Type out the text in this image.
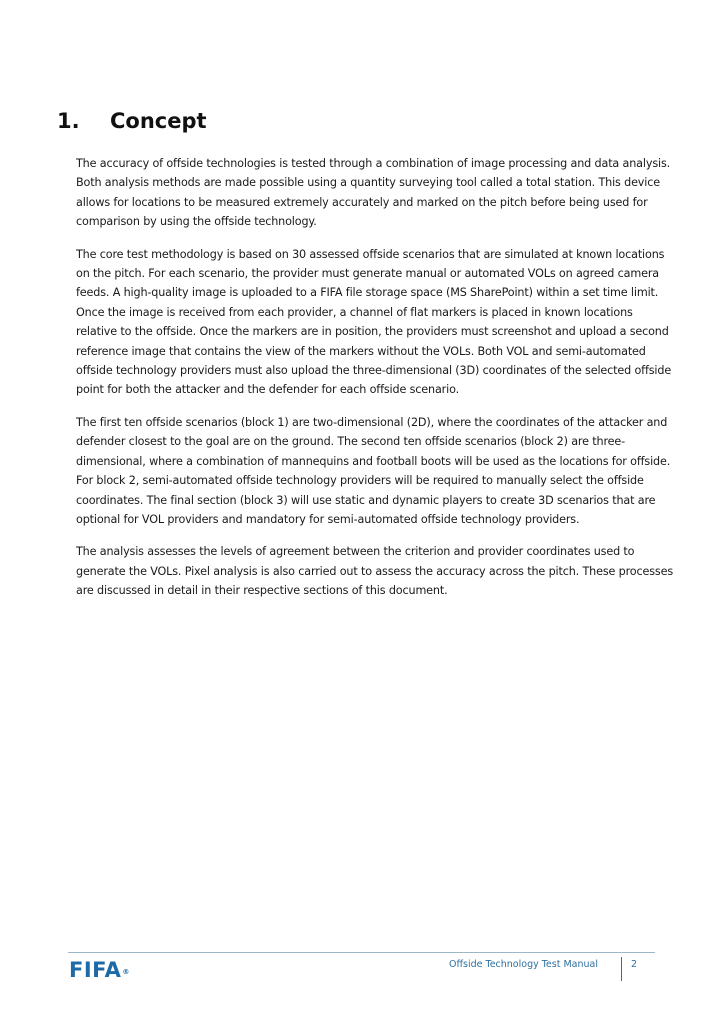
1.	Concept

The accuracy of offside technologies is tested through a combination of image processing and data analysis. Both analysis methods are made possible using a quantity surveying tool called a total station. This device allows for locations to be measured extremely accurately and marked on the pitch before being used for comparison by using the offside technology.

The core test methodology is based on 30 assessed offside scenarios that are simulated at known locations on the pitch. For each scenario, the provider must generate manual or automated VOLs on agreed camera feeds. A high-quality image is uploaded to a FIFA file storage space (MS SharePoint) within a set time limit. Once the image is received from each provider, a channel of flat markers is placed in known locations relative to the offside. Once the markers are in position, the providers must screenshot and upload a second reference image that contains the view of the markers without the VOLs. Both VOL and semi-automated offside technology providers must also upload the three-dimensional (3D) coordinates of the selected offside point for both the attacker and the defender for each offside scenario.

The first ten offside scenarios (block 1) are two-dimensional (2D), where the coordinates of the attacker and defender closest to the goal are on the ground. The second ten offside scenarios (block 2) are three-dimensional, where a combination of mannequins and football boots will be used as the locations for offside. For block 2, semi-automated offside technology providers will be required to manually select the offside coordinates. The final section (block 3) will use static and dynamic players to create 3D scenarios that are optional for VOL providers and mandatory for semi-automated offside technology providers.

The analysis assesses the levels of agreement between the criterion and provider coordinates used to generate the VOLs. Pixel analysis is also carried out to assess the accuracy across the pitch. These processes are discussed in detail in their respective sections of this document.

FIFA®
Offside Technology Test Manual	2
